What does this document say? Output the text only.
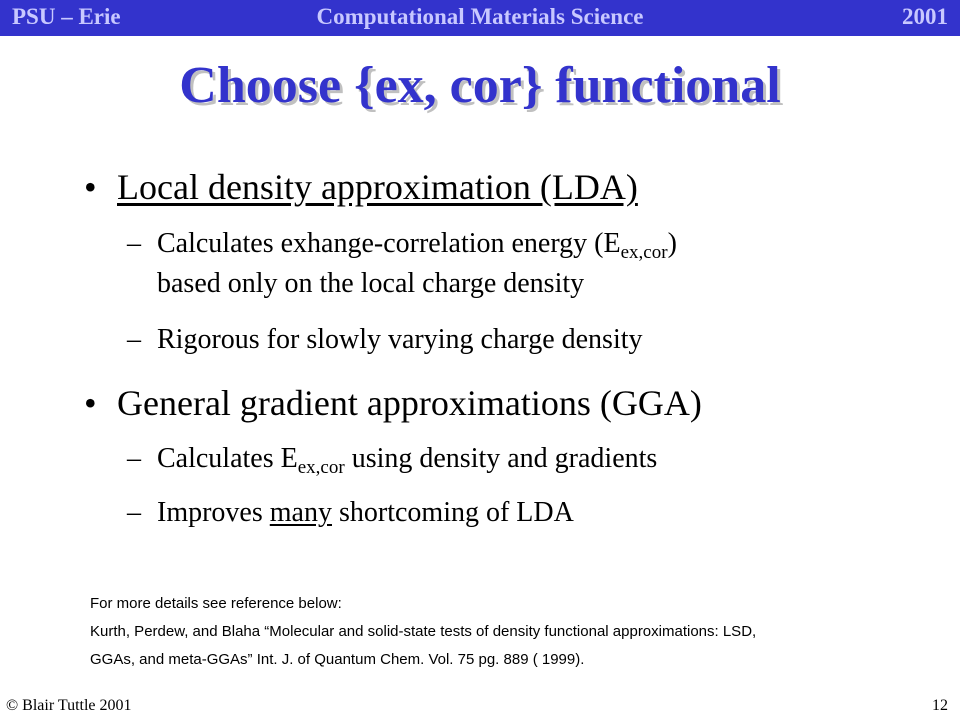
PSU – Erie	Computational Materials Science	2001
Choose {ex, cor} functional
• Local density approximation (LDA)
– Calculates exhange-correlation energy $(E_{ex,cor})$
based only on the local charge density
– Rigorous for slowly varying charge density
• General gradient approximations (GGA)
– Calculates $E_{ex,cor}$ using density and gradients
– Improves many shortcoming of LDA
For more details see reference below:
Kurth, Perdew, and Blaha “Molecular and solid-state tests of density functional approximations: LSD,
GGAs, and meta-GGAs” Int. J. of Quantum Chem. Vol. 75 pg. 889 ( 1999).
© Blair Tuttle 2001	12
